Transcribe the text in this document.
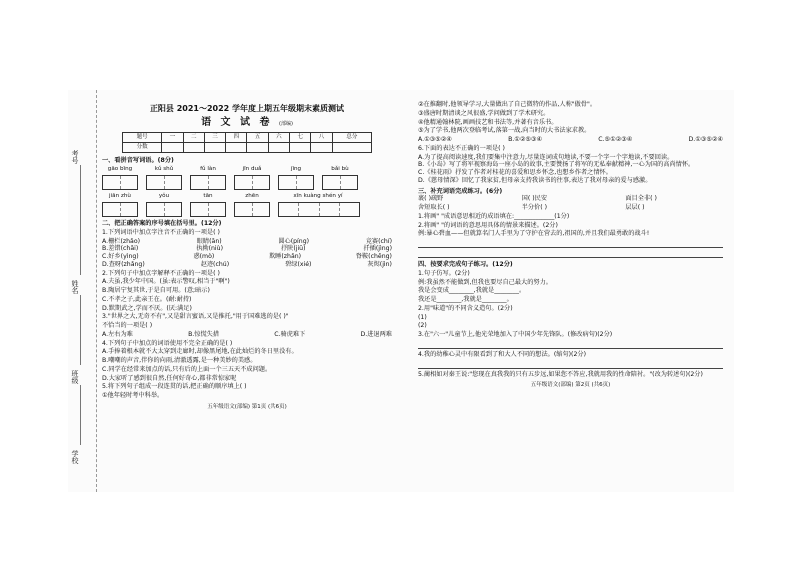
考号
姓名
班级
学校
正阳县 2021～2022 学年度上期五年级期末素质测试
语 文 试 卷 (部编)
题号	一	二	三	四	五	六	七	八	总分
分数									
一、看拼音写词语。(8分)
gāo bīng	kǔ shǔ	fǔ làn	jīn duǎ	jīng	bǎi bù
jiān zhù	yǒu	tān	zhēn	xīn kuàng shén yí
二、把正确答案的序号填在括号里。(12分)
1.下列词语中加点字注音不正确的一项是( )
A.栅栏(zhǎo)	眼睛(ān)	圆心(píng)	竞赛(chí)
B.差错(chāi)	执拗(niù)	抒陕(jiū)	扦插(jìng)
C.好乡(yìng)	惑(mò)	欺睡(zhǎn)	脊鞍(chēng)
D.查呀(zhǎng)	赵迹(chú)	碧绿(xié)	灰烬(jìn)
2.下列句子中加点字解释不正确的一项是( )
A.夫虽,我少年中国。(虽:表示警叹,相当于"啊")
B.陶居宁复其世,于是自可用。(意;暗示)
C.不孝之子,此亲王在。(耐:耐持)
D.默期武之,学而不厌。(厌:满足)
3."世界之大,无奇不有",又是甜言蜜语,又是推托,"用于国难逃的是( )"
不恰当的一项是( )
A.左右为难	B.惊慌失措	C.骑虎难下	D.进退两难
4.下列句子中加点的词语使用不完全正确的是( )
A.手捧着根本就不大太穿到走廊时,却像黑尾地,在此灿烂的冬日里没有。
B.嘲嘲的声音,伴你的向雨,清澈透露,是一种美妙的美感。
C.同学在经常来加点的话,只有后的上面一个三五天不成问题。
D.大家听了感到很自然,任何好奇心,都非常惊家呢
5.将下列句子组成一段连贯的话,把正确的顺序填上( )
①他年轻时考中科举。
五年级语文(部编) 第1页 (共6页)
②在推翻时,他领导学习,大量做出了自己微特的作品,人称"傲骨"。
③盛唐时期清谈之风很盛,学问做到了学术研究。
④他精通翰林院,画画技艺和书法等,并著有音乐书。
⑤为了学书,他两次登临考试,落第一战,向当时的大书法家求教。
A.①③⑤②④	B.①②⑤③④	C.⑤①②③④	D.①③⑤②④
6.下面的表达不正确的一项是( )
A.为了提高阅读速度,我们要集中注意力,尽量连词成句地读,不要一个字一个字地读,不要回读。
B.《小岛》写了将军视察海岛一座小岛的故事,主要赞扬了将军的无私奉献精神,一心为国的高尚情怀。
C.《桂花雨》抒发了作者对桂花的喜爱和思乡怀念,也想乡作者之情怀。
D.《慈母情深》回忆了我家贫,但母亲支持我读书的往事,表达了我对母亲的爱与感激。
三、补充词语完成练习。(6分)
裹( )疏野	国( )民安	面目全非( )
舍短取长( )	半分价( )	层层( )
1.将画" "成语意思相近的成语填在:_____________(1分)
2.将画" "的词语的意思用具体的情景来描述。(2分)
例:暴心碧血——但就算名门人手里为了守护在营去的,祖国的,并且我们最勇敢的战斗!
四、按要求完成句子练习。(12分)
1.句子仿写。(2分)
例:我虽然不能做到,但我也要尽自己最大的努力。
我是会变成________,我就是________。
我还是________,我就是________。
2.用"味道"的不同含义造句。(2分)
(1)
(2)
3.在"六一"儿童节上,他光荣地加入了中国少年先锋队。(修改病句)(2分)
4.我的幼稚心灵中有限看到了和大人不同的想法。(缩句)(2分)
5.蔺相如对秦王说:"您现在真我我的只有五步远,如果您不答应,我就用我的性命陪衬。"(改为转述句)(2分)
五年级语文(部编) 第2页 (共6页)
